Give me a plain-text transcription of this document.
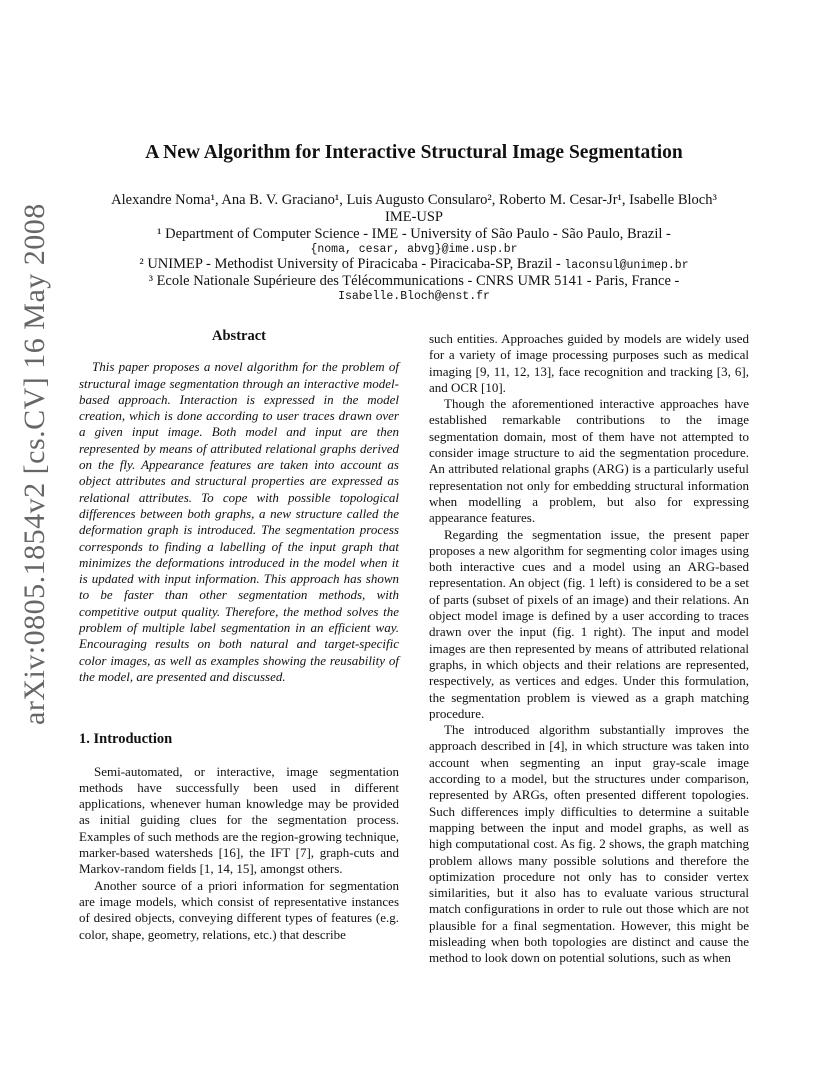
arXiv:0805.1854v2 [cs.CV] 16 May 2008
A New Algorithm for Interactive Structural Image Segmentation
Alexandre Noma¹, Ana B. V. Graciano¹, Luis Augusto Consularo², Roberto M. Cesar-Jr¹, Isabelle Bloch³
IME-USP
¹ Department of Computer Science - IME - University of São Paulo - São Paulo, Brazil -
{noma, cesar, abvg}@ime.usp.br
² UNIMEP - Methodist University of Piracicaba - Piracicaba-SP, Brazil - laconsul@unimep.br
³ Ecole Nationale Supérieure des Télécommunications - CNRS UMR 5141 - Paris, France -
Isabelle.Bloch@enst.fr
Abstract

This paper proposes a novel algorithm for the problem of structural image segmentation through an interactive model-based approach. Interaction is expressed in the model creation, which is done according to user traces drawn over a given input image. Both model and input are then represented by means of attributed relational graphs derived on the fly. Appearance features are taken into account as object attributes and structural properties are expressed as relational attributes. To cope with possible topological differences between both graphs, a new structure called the deformation graph is introduced. The segmentation process corresponds to finding a labelling of the input graph that minimizes the deformations introduced in the model when it is updated with input information. This approach has shown to be faster than other segmentation methods, with competitive output quality. Therefore, the method solves the problem of multiple label segmentation in an efficient way. Encouraging results on both natural and target-specific color images, as well as examples showing the reusability of the model, are presented and discussed.

1. Introduction

Semi-automated, or interactive, image segmentation methods have successfully been used in different applications, whenever human knowledge may be provided as initial guiding clues for the segmentation process. Examples of such methods are the region-growing technique, marker-based watersheds [16], the IFT [7], graph-cuts and Markov-random fields [1, 14, 15], amongst others.

Another source of a priori information for segmentation are image models, which consist of representative instances of desired objects, conveying different types of features (e.g. color, shape, geometry, relations, etc.) that describe

such entities. Approaches guided by models are widely used for a variety of image processing purposes such as medical imaging [9, 11, 12, 13], face recognition and tracking [3, 6], and OCR [10].

Though the aforementioned interactive approaches have established remarkable contributions to the image segmentation domain, most of them have not attempted to consider image structure to aid the segmentation procedure. An attributed relational graphs (ARG) is a particularly useful representation not only for embedding structural information when modelling a problem, but also for expressing appearance features.

Regarding the segmentation issue, the present paper proposes a new algorithm for segmenting color images using both interactive cues and a model using an ARG-based representation. An object (fig. 1 left) is considered to be a set of parts (subset of pixels of an image) and their relations. An object model image is defined by a user according to traces drawn over the input (fig. 1 right). The input and model images are then represented by means of attributed relational graphs, in which objects and their relations are represented, respectively, as vertices and edges. Under this formulation, the segmentation problem is viewed as a graph matching procedure.

The introduced algorithm substantially improves the approach described in [4], in which structure was taken into account when segmenting an input gray-scale image according to a model, but the structures under comparison, represented by ARGs, often presented different topologies. Such differences imply difficulties to determine a suitable mapping between the input and model graphs, as well as high computational cost. As fig. 2 shows, the graph matching problem allows many possible solutions and therefore the optimization procedure not only has to consider vertex similarities, but it also has to evaluate various structural match configurations in order to rule out those which are not plausible for a final segmentation. However, this might be misleading when both topologies are distinct and cause the method to look down on potential solutions, such as when
